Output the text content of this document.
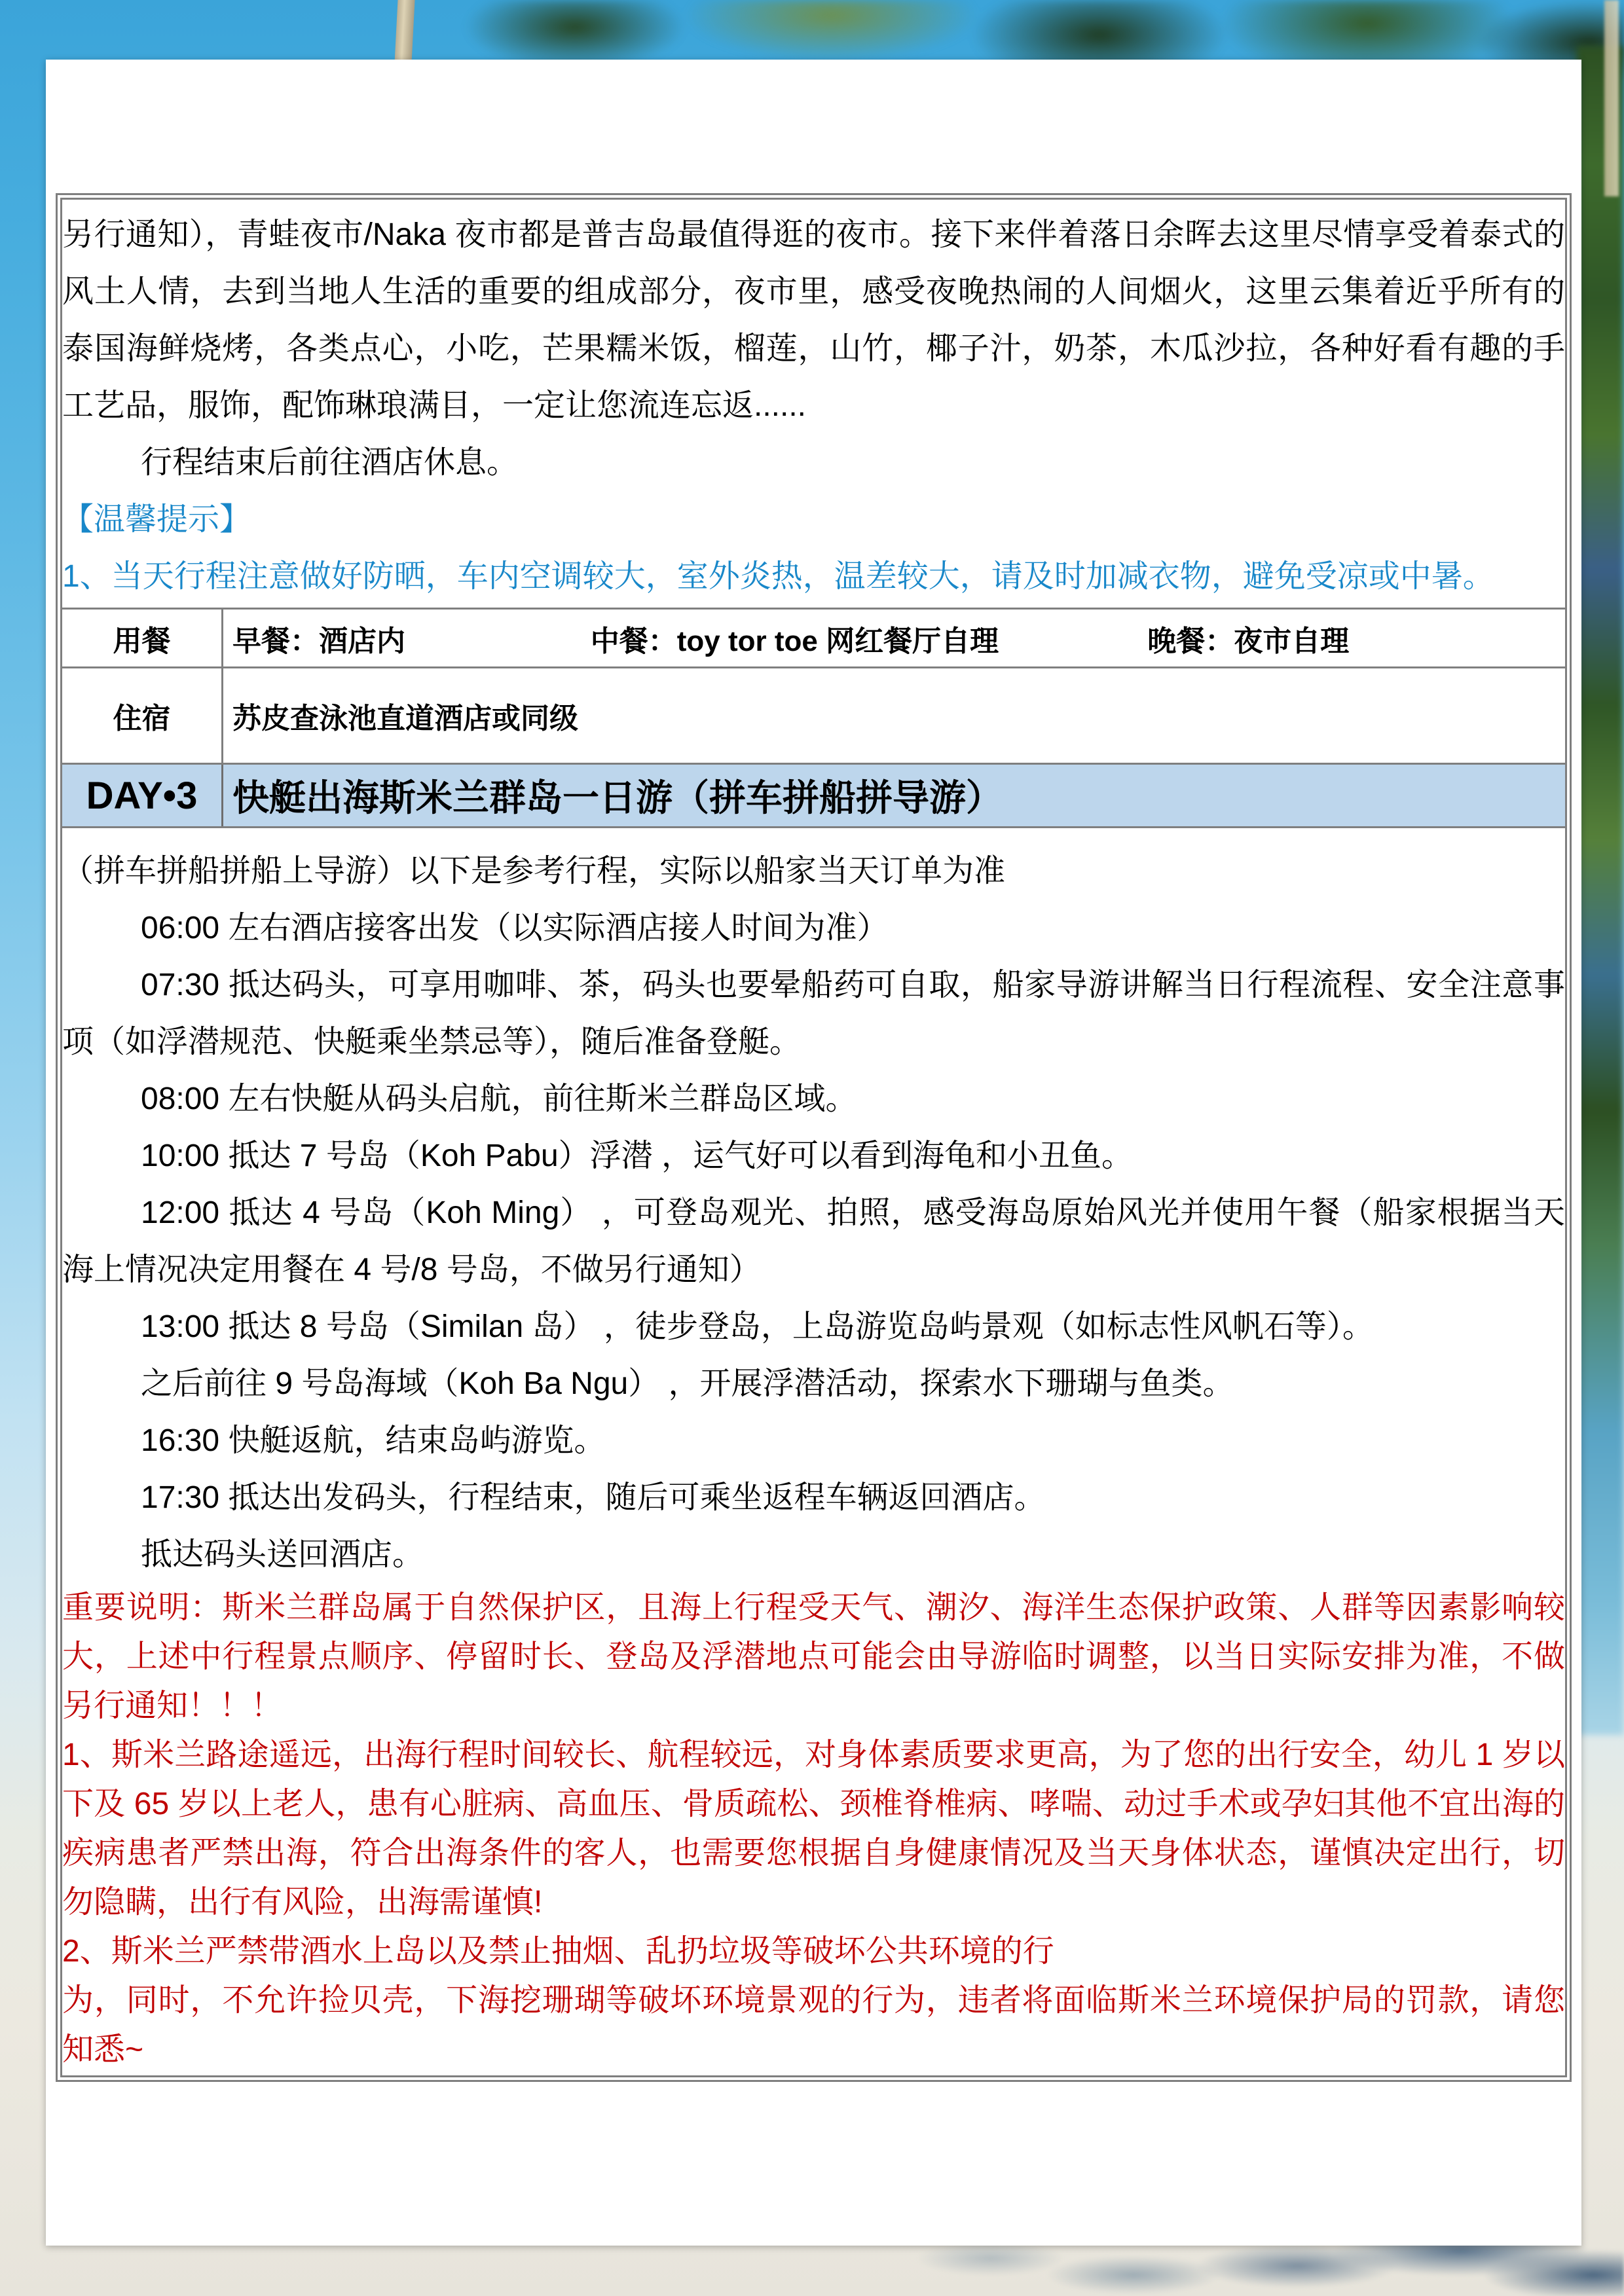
另行通知），青蛙夜市/Naka 夜市都是普吉岛最值得逛的夜市。接下来伴着落日余晖去这里尽情享受着泰式的风土人情，去到当地人生活的重要的组成部分，夜市里，感受夜晚热闹的人间烟火，这里云集着近乎所有的泰国海鲜烧烤，各类点心，小吃，芒果糯米饭，榴莲，山竹，椰子汁，奶茶，木瓜沙拉，各种好看有趣的手工艺品，服饰，配饰琳琅满目，一定让您流连忘返......

行程结束后前往酒店休息。

【温馨提示】

1、当天行程注意做好防晒，车内空调较大，室外炎热，温差较大，请及时加减衣物，避免受凉或中暑。

用餐	早餐：酒店内	中餐：toy tor toe 网红餐厅自理	晚餐：夜市自理
住宿	苏皮查泳池直道酒店或同级
DAY•3 快艇出海斯米兰群岛一日游（拼车拼船拼导游）

（拼车拼船拼船上导游）以下是参考行程，实际以船家当天订单为准

06:00 左右酒店接客出发（以实际酒店接人时间为准）

07:30 抵达码头，可享用咖啡、茶，码头也要晕船药可自取，船家导游讲解当日行程流程、安全注意事项（如浮潜规范、快艇乘坐禁忌等），随后准备登艇。

08:00 左右快艇从码头启航，前往斯米兰群岛区域。

10:00 抵达 7 号岛（Koh Pabu）浮潜 ，运气好可以看到海龟和小丑鱼。

12:00 抵达 4 号岛（Koh Ming） ，可登岛观光、拍照，感受海岛原始风光并使用午餐（船家根据当天海上情况决定用餐在 4 号/8 号岛，不做另行通知）

13:00 抵达 8 号岛（Similan 岛） ，徒步登岛，上岛游览岛屿景观（如标志性风帆石等）。

之后前往 9 号岛海域（Koh Ba Ngu） ，开展浮潜活动，探索水下珊瑚与鱼类。

16:30 快艇返航，结束岛屿游览。

17:30 抵达出发码头，行程结束，随后可乘坐返程车辆返回酒店。

抵达码头送回酒店。

重要说明：斯米兰群岛属于自然保护区，且海上行程受天气、潮汐、海洋生态保护政策、人群等因素影响较大，上述中行程景点顺序、停留时长、登岛及浮潜地点可能会由导游临时调整，以当日实际安排为准，不做另行通知！！！

1、斯米兰路途遥远，出海行程时间较长、航程较远，对身体素质要求更高，为了您的出行安全，幼儿 1 岁以下及 65 岁以上老人，患有心脏病、高血压、骨质疏松、颈椎脊椎病、哮喘、动过手术或孕妇其他不宜出海的疾病患者严禁出海，符合出海条件的客人，也需要您根据自身健康情况及当天身体状态，谨慎决定出行，切勿隐瞒，出行有风险，出海需谨慎!

2、斯米兰严禁带酒水上岛以及禁止抽烟、乱扔垃圾等破坏公共环境的行

为，同时，不允许捡贝壳，下海挖珊瑚等破坏环境景观的行为，违者将面临斯米兰环境保护局的罚款，请您知悉~
